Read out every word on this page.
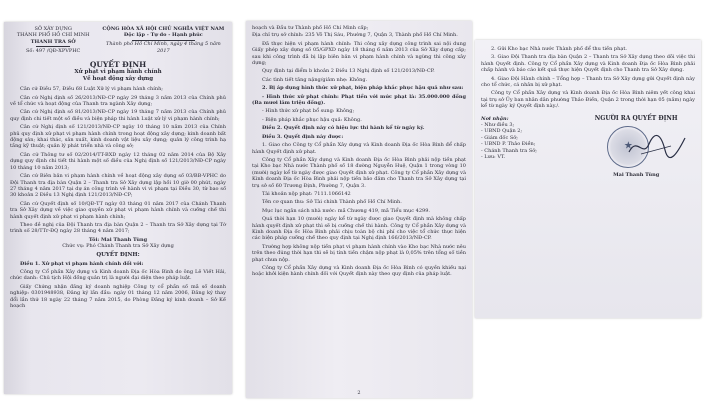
SỞ XÂY DỰNG
THÀNH PHỐ HỒ CHÍ MINH
THANH TRA SỞ
Số: 497 /QĐ-XPVPHC
CỘNG HÒA XÃ HỘI CHỦ NGHĨA VIỆT NAM
Độc lập - Tự do - Hạnh phúc
Thành phố Hồ Chí Minh, ngày 4 tháng 5 năm 2017
QUYẾT ĐỊNH
Xử phạt vi phạm hành chính
Về hoạt động xây dựng
Căn cứ Điều 57, Điều 68 Luật Xử lý vi phạm hành chính;
Căn cứ Nghị định số 26/2013/NĐ-CP ngày 29 tháng 3 năm 2013 của Chính phủ về tổ chức và hoạt động của Thanh tra ngành Xây dựng;
Căn cứ Nghị định số 81/2013/NĐ-CP ngày 19 tháng 7 năm 2013 của Chính phủ quy định chi tiết một số điều và biện pháp thi hành Luật xử lý vi phạm hành chính;
Căn cứ Nghị định số 121/2013/NĐ-CP ngày 10 tháng 10 năm 2013 của Chính phủ quy định xử phạt vi phạm hành chính trong hoạt động xây dựng; kinh doanh bất động sản; khai thác, sản xuất, kinh doanh vật liệu xây dựng; quản lý công trình hạ tầng kỹ thuật; quản lý phát triển nhà và công sở;
Căn cứ Thông tư số 02/2014/TT-BXD ngày 12 tháng 02 năm 2014 của Bộ Xây dựng quy định chi tiết thi hành một số điều của Nghị định số 121/2013/NĐ-CP ngày 10 tháng 10 năm 2013;
Căn cứ Biên bản vi phạm hành chính về hoạt động xây dựng số 03/BB-VPHC do Đội Thanh tra địa bàn Quận 2 – Thanh tra Sở Xây dựng lập hồi 10 giờ 00 phút, ngày 27 tháng 4 năm 2017 tại dự án công trình về hành vi vi phạm tại Điều 30, từ bao số 30 khoản 2 Điều 13 Nghị định 121/2013/NĐ-CP;
Căn cứ Quyết định số 10/QĐ-TT ngày 03 tháng 01 năm 2017 của Chánh Thanh tra Sở Xây dựng về việc giao quyền xử phạt vi phạm hành chính và cưỡng chế thi hành quyết định xử phạt vi phạm hành chính;
Theo đề nghị của Đội Thanh tra địa bàn Quận 2 – Thanh tra Sở Xây dựng tại Tờ trình số 28/TTr-ĐQ ngày 28 tháng 4 năm 2017;
Tôi: Mai Thanh Tùng
Chức vụ: Phó Chánh Thanh tra Sở Xây dựng
QUYẾT ĐỊNH:
Điều 1. Xử phạt vi phạm hành chính đối với:
Công ty Cổ phần Xây dựng và Kinh doanh Địa ốc Hòa Bình do ông Lê Viết Hải, chức danh: Chủ tịch Hội đồng quản trị là người đại diện theo pháp luật.
Giấy Chứng nhận đăng ký doanh nghiệp Công ty cổ phần số mã số doanh nghiệp: 0301948938, Đăng ký lần đầu: ngày 01 tháng 12 năm 2006, Đăng ký thay đổi lần thứ 18 ngày 22 tháng 7 năm 2015, do Phòng Đăng ký kinh doanh – Sở Kế hoạch
hoạch và Đầu tư Thành phố Hồ Chí Minh cấp;
Địa chỉ trụ sở chính: 235 Võ Thị Sáu, Phường 7, Quận 3, Thành phố Hồ Chí Minh.
Đã thực hiện vi phạm hành chính: Thi công xây dựng công trình sai nội dung Giấy phép xây dựng số 05/GPXD ngày 18 tháng 6 năm 2013 của Sở Xây dựng cấp; sau khi công trình đã bị lập biên bản vi phạm hành chính và ngừng thi công xây dựng;
Quy định tại điểm b khoản 2 Điều 13 Nghị định số 121/2013/NĐ-CP.
Các tình tiết tăng nặng/giảm nhẹ: Không.
2. Bị áp dụng hình thức xử phạt, biện pháp khắc phục hậu quả như sau:
- Hình thức xử phạt chính: Phạt tiền với mức phạt là: 35.000.000 đồng (Ba mươi lăm triệu đồng).
- Hình thức xử phạt bổ sung: Không;
- Biện pháp khắc phục hậu quả: Không.
Điều 2. Quyết định này có hiệu lực thi hành kể từ ngày ký.
Điều 3. Quyết định này được:
1. Giao cho Công ty Cổ phần Xây dựng và Kinh doanh Địa ốc Hòa Bình để chấp hành Quyết định xử phạt.
Công ty Cổ phần Xây dựng và Kinh doanh Địa ốc Hòa Bình phải nộp tiền phạt tại Kho bạc Nhà nước Thành phố số 18 đường Nguyễn Huệ, Quận 1 trong vòng 10 (mười) ngày kể từ ngày được giao Quyết định xử phạt. Công ty Cổ phần Xây dựng và Kinh doanh Địa ốc Hòa Bình phải nộp tiền bảo đảm cho Thanh tra Sở Xây dựng tại trụ sở số 60 Trương Định, Phường 7, Quận 3.
Tài khoản nộp phạt: 7111.1066142
Tên cơ quan thu: Sở Tài chính Thành phố Hồ Chí Minh.
Mục lục ngân sách nhà nước: mã Chương 419, mã Tiểu mục 4299.
Quá thời hạn 10 (mười) ngày kể từ ngày được giao Quyết định mà không chấp hành quyết định xử phạt thì sẽ bị cưỡng chế thi hành. Công ty Cổ phần Xây dựng và Kinh doanh Địa ốc Hòa Bình phải chịu toàn bộ chi phí cho việc tổ chức thực hiện các biện pháp cưỡng chế theo quy định tại Nghị định 166/2013/NĐ-CP.
Trường hợp không nộp tiền phạt vi phạm hành chính vào Kho bạc Nhà nước nêu trên theo đúng thời hạn thì sẽ bị tính tiền chậm nộp phạt là 0,05% trên tổng số tiền phạt chưa nộp.
Công ty Cổ phần Xây dựng và Kinh doanh Địa ốc Hòa Bình có quyền khiếu nại hoặc khởi kiện hành chính đối với Quyết định này theo quy định của pháp luật.
2
2. Gửi Kho bạc Nhà nước Thành phố để thu tiền phạt.
3. Giao Đội Thanh tra địa bàn Quận 2 – Thanh tra Sở Xây dựng theo dõi việc thi hành Quyết định. Công ty Cổ phần Xây dựng và Kinh doanh Địa ốc Hòa Bình phải chấp hành và báo cáo kết quả thực hiện Quyết định cho Thanh tra Sở Xây dựng.
4. Giao Đội Hành chính – Tổng hợp – Thanh tra Sở Xây dựng gửi Quyết định này cho tổ chức, cá nhân bị xử phạt.
Công ty Cổ phần Xây dựng và Kinh doanh Địa ốc Hòa Bình niêm yết công khai tại trụ sở Ủy ban nhân dân phường Thảo Điền, Quận 2 trong thời hạn 05 (năm) ngày kể từ ngày ký Quyết định này./.
Nơi nhận:
- Như điều 3;
- UBND Quận 2;
- Giám đốc Sở;
- UBND P. Thảo Điền;
- Chánh Thanh tra Sở;
- Lưu: VT.
NGƯỜI RA QUYẾT ĐỊNH
★
Mai Thanh Tùng
